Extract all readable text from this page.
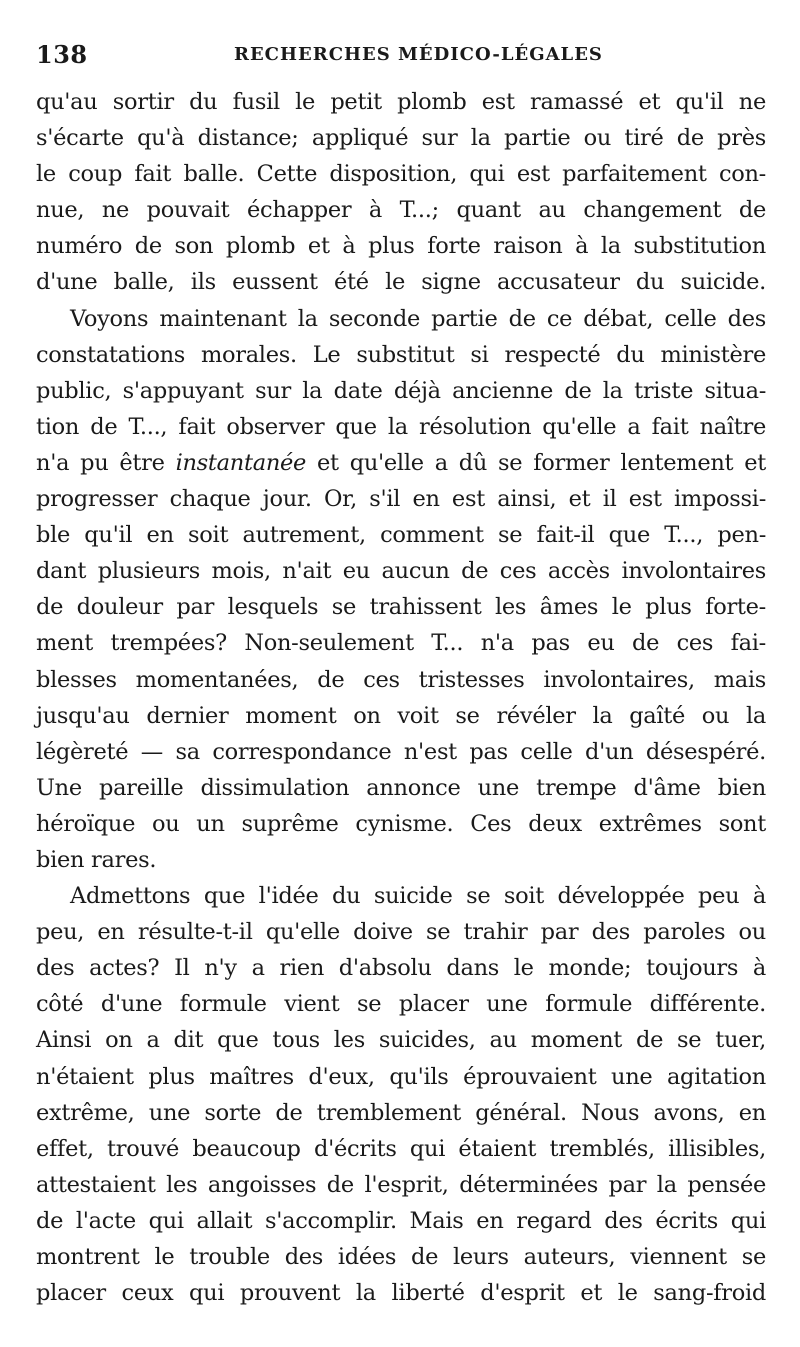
138	RECHERCHES MÉDICO-LÉGALES
qu'au sortir du fusil le petit plomb est ramassé et qu'il ne
s'écarte qu'à distance; appliqué sur la partie ou tiré de près
le coup fait balle. Cette disposition, qui est parfaitement con-
nue, ne pouvait échapper à T...; quant au changement de
numéro de son plomb et à plus forte raison à la substitution
d'une balle, ils eussent été le signe accusateur du suicide.
Voyons maintenant la seconde partie de ce débat, celle des
constatations morales. Le substitut si respecté du ministère
public, s'appuyant sur la date déjà ancienne de la triste situa-
tion de T..., fait observer que la résolution qu'elle a fait naître
n'a pu être instantanée et qu'elle a dû se former lentement et
progresser chaque jour. Or, s'il en est ainsi, et il est impossi-
ble qu'il en soit autrement, comment se fait-il que T..., pen-
dant plusieurs mois, n'ait eu aucun de ces accès involontaires
de douleur par lesquels se trahissent les âmes le plus forte-
ment trempées? Non-seulement T... n'a pas eu de ces fai-
blesses momentanées, de ces tristesses involontaires, mais
jusqu'au dernier moment on voit se révéler la gaîté ou la
légèreté — sa correspondance n'est pas celle d'un désespéré.
Une pareille dissimulation annonce une trempe d'âme bien
héroïque ou un suprême cynisme. Ces deux extrêmes sont
bien rares.
Admettons que l'idée du suicide se soit développée peu à
peu, en résulte-t-il qu'elle doive se trahir par des paroles ou
des actes? Il n'y a rien d'absolu dans le monde; toujours à
côté d'une formule vient se placer une formule différente.
Ainsi on a dit que tous les suicides, au moment de se tuer,
n'étaient plus maîtres d'eux, qu'ils éprouvaient une agitation
extrême, une sorte de tremblement général. Nous avons, en
effet, trouvé beaucoup d'écrits qui étaient tremblés, illisibles,
attestaient les angoisses de l'esprit, déterminées par la pensée
de l'acte qui allait s'accomplir. Mais en regard des écrits qui
montrent le trouble des idées de leurs auteurs, viennent se
placer ceux qui prouvent la liberté d'esprit et le sang-froid
